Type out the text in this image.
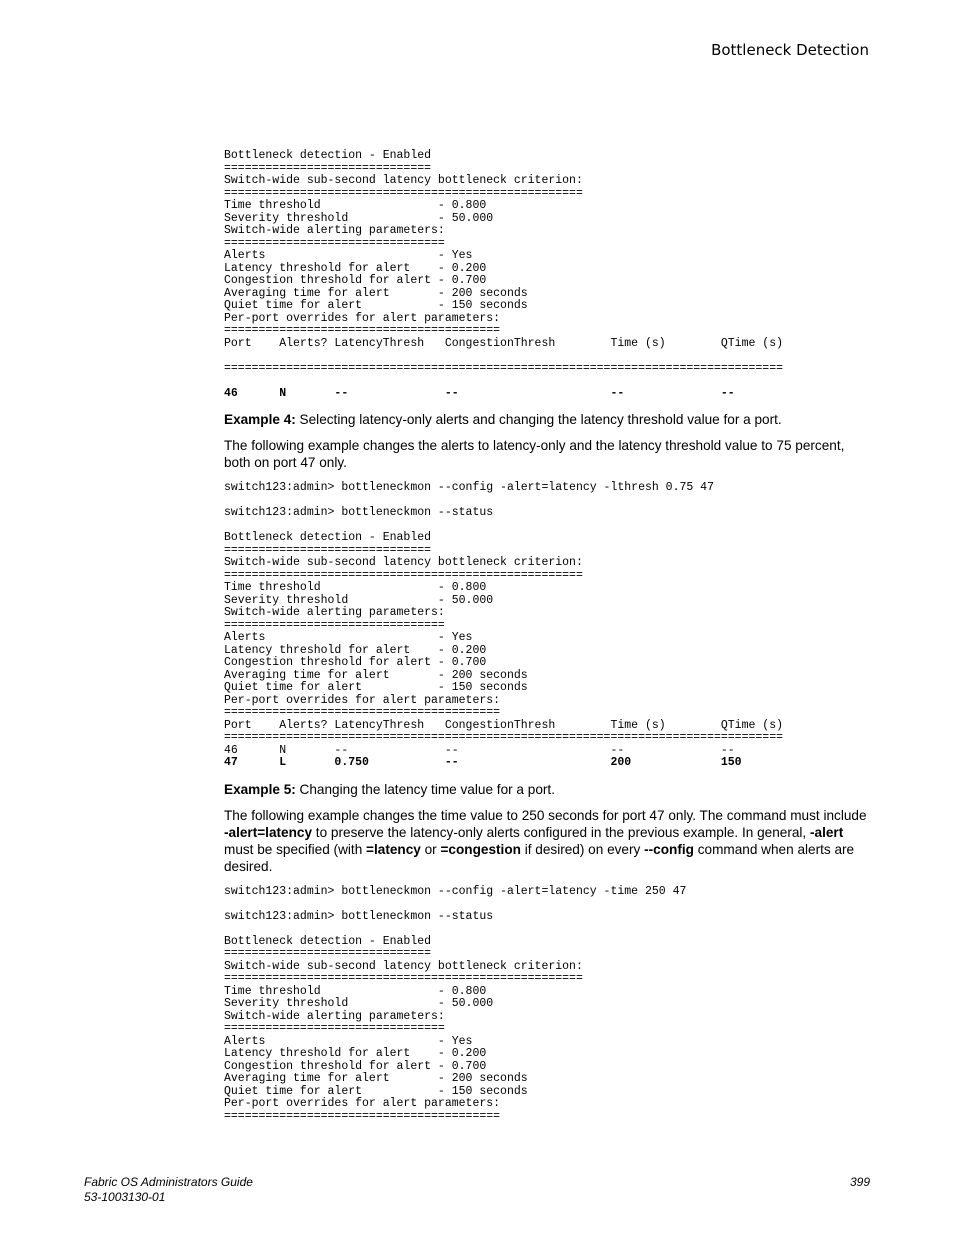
Bottleneck Detection

Bottleneck detection - Enabled
==============================
Switch-wide sub-second latency bottleneck criterion:
====================================================
Time threshold                 - 0.800
Severity threshold             - 50.000
Switch-wide alerting parameters:
================================
Alerts                         - Yes
Latency threshold for alert    - 0.200
Congestion threshold for alert - 0.700
Averaging time for alert       - 200 seconds
Quiet time for alert           - 150 seconds
Per-port overrides for alert parameters:
========================================
Port    Alerts? LatencyThresh   CongestionThresh        Time (s)        QTime (s)

=================================================================================

46      N       --              --                      --              --

Example 4: Selecting latency-only alerts and changing the latency threshold value for a port.

The following example changes the alerts to latency-only and the latency threshold value to 75 percent, both on port 47 only.

switch123:admin> bottleneckmon --config -alert=latency -lthresh 0.75 47

switch123:admin> bottleneckmon --status

Bottleneck detection - Enabled
==============================
Switch-wide sub-second latency bottleneck criterion:
====================================================
Time threshold                 - 0.800
Severity threshold             - 50.000
Switch-wide alerting parameters:
================================
Alerts                         - Yes
Latency threshold for alert    - 0.200
Congestion threshold for alert - 0.700
Averaging time for alert       - 200 seconds
Quiet time for alert           - 150 seconds
Per-port overrides for alert parameters:
========================================
Port    Alerts? LatencyThresh   CongestionThresh        Time (s)        QTime (s)
=================================================================================
46      N       --              --                      --              --

47      L       0.750           --                      200             150

Example 5: Changing the latency time value for a port.

The following example changes the time value to 250 seconds for port 47 only. The command must include -alert=latency to preserve the latency-only alerts configured in the previous example. In general, -alert must be specified (with =latency or =congestion if desired) on every --config command when alerts are desired.

switch123:admin> bottleneckmon --config -alert=latency -time 250 47

switch123:admin> bottleneckmon --status

Bottleneck detection - Enabled
==============================
Switch-wide sub-second latency bottleneck criterion:
====================================================
Time threshold                 - 0.800
Severity threshold             - 50.000
Switch-wide alerting parameters:
================================
Alerts                         - Yes
Latency threshold for alert    - 0.200
Congestion threshold for alert - 0.700
Averaging time for alert       - 200 seconds
Quiet time for alert           - 150 seconds
Per-port overrides for alert parameters:
========================================
Fabric OS Administrators Guide
53-1003130-01
399
